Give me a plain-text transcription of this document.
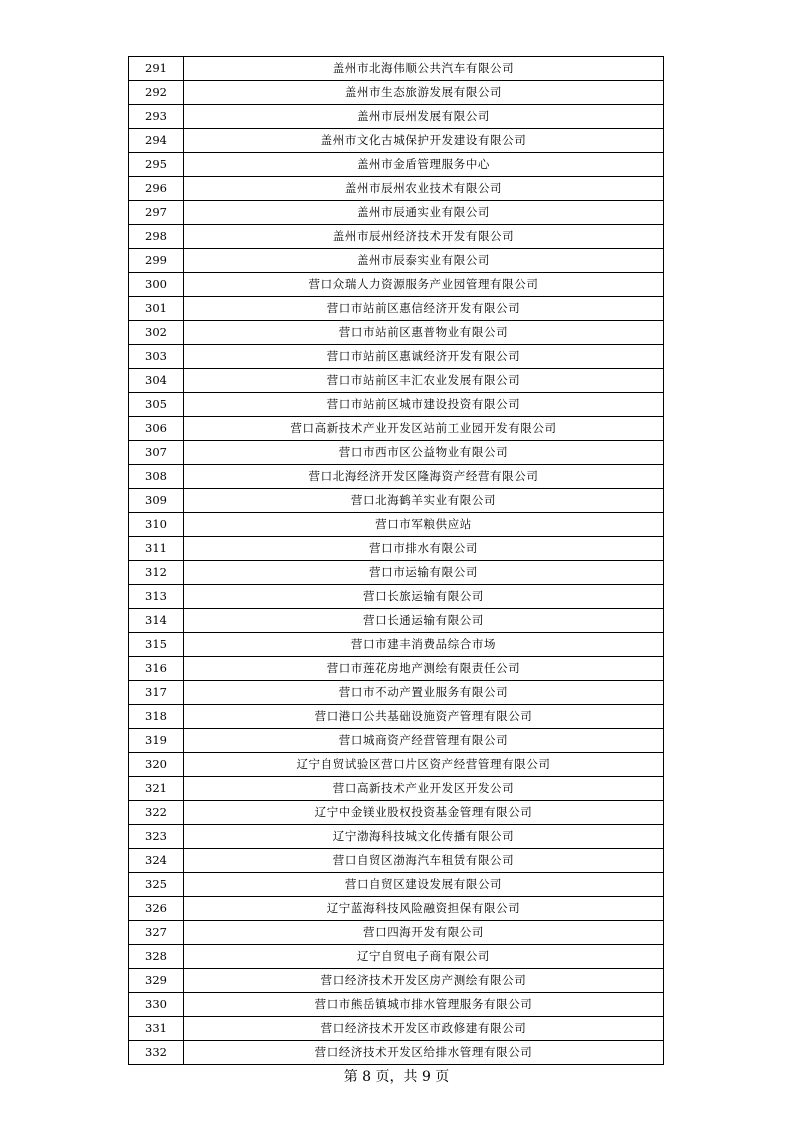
291	盖州市北海伟顺公共汽车有限公司
292	盖州市生态旅游发展有限公司
293	盖州市辰州发展有限公司
294	盖州市文化古城保护开发建设有限公司
295	盖州市金盾管理服务中心
296	盖州市辰州农业技术有限公司
297	盖州市辰通实业有限公司
298	盖州市辰州经济技术开发有限公司
299	盖州市辰泰实业有限公司
300	营口众瑞人力资源服务产业园管理有限公司
301	营口市站前区惠信经济开发有限公司
302	营口市站前区惠普物业有限公司
303	营口市站前区惠诚经济开发有限公司
304	营口市站前区丰汇农业发展有限公司
305	营口市站前区城市建设投资有限公司
306	营口高新技术产业开发区站前工业园开发有限公司
307	营口市西市区公益物业有限公司
308	营口北海经济开发区隆海资产经营有限公司
309	营口北海鹤羊实业有限公司
310	营口市军粮供应站
311	营口市排水有限公司
312	营口市运输有限公司
313	营口长旅运输有限公司
314	营口长通运输有限公司
315	营口市建丰消费品综合市场
316	营口市莲花房地产测绘有限责任公司
317	营口市不动产置业服务有限公司
318	营口港口公共基础设施资产管理有限公司
319	营口城商资产经营管理有限公司
320	辽宁自贸试验区营口片区资产经营管理有限公司
321	营口高新技术产业开发区开发公司
322	辽宁中金镁业股权投资基金管理有限公司
323	辽宁渤海科技城文化传播有限公司
324	营口自贸区渤海汽车租赁有限公司
325	营口自贸区建设发展有限公司
326	辽宁蓝海科技风险融资担保有限公司
327	营口四海开发有限公司
328	辽宁自贸电子商有限公司
329	营口经济技术开发区房产测绘有限公司
330	营口市熊岳镇城市排水管理服务有限公司
331	营口经济技术开发区市政修建有限公司
332	营口经济技术开发区给排水管理有限公司
第 8 页，共 9 页
